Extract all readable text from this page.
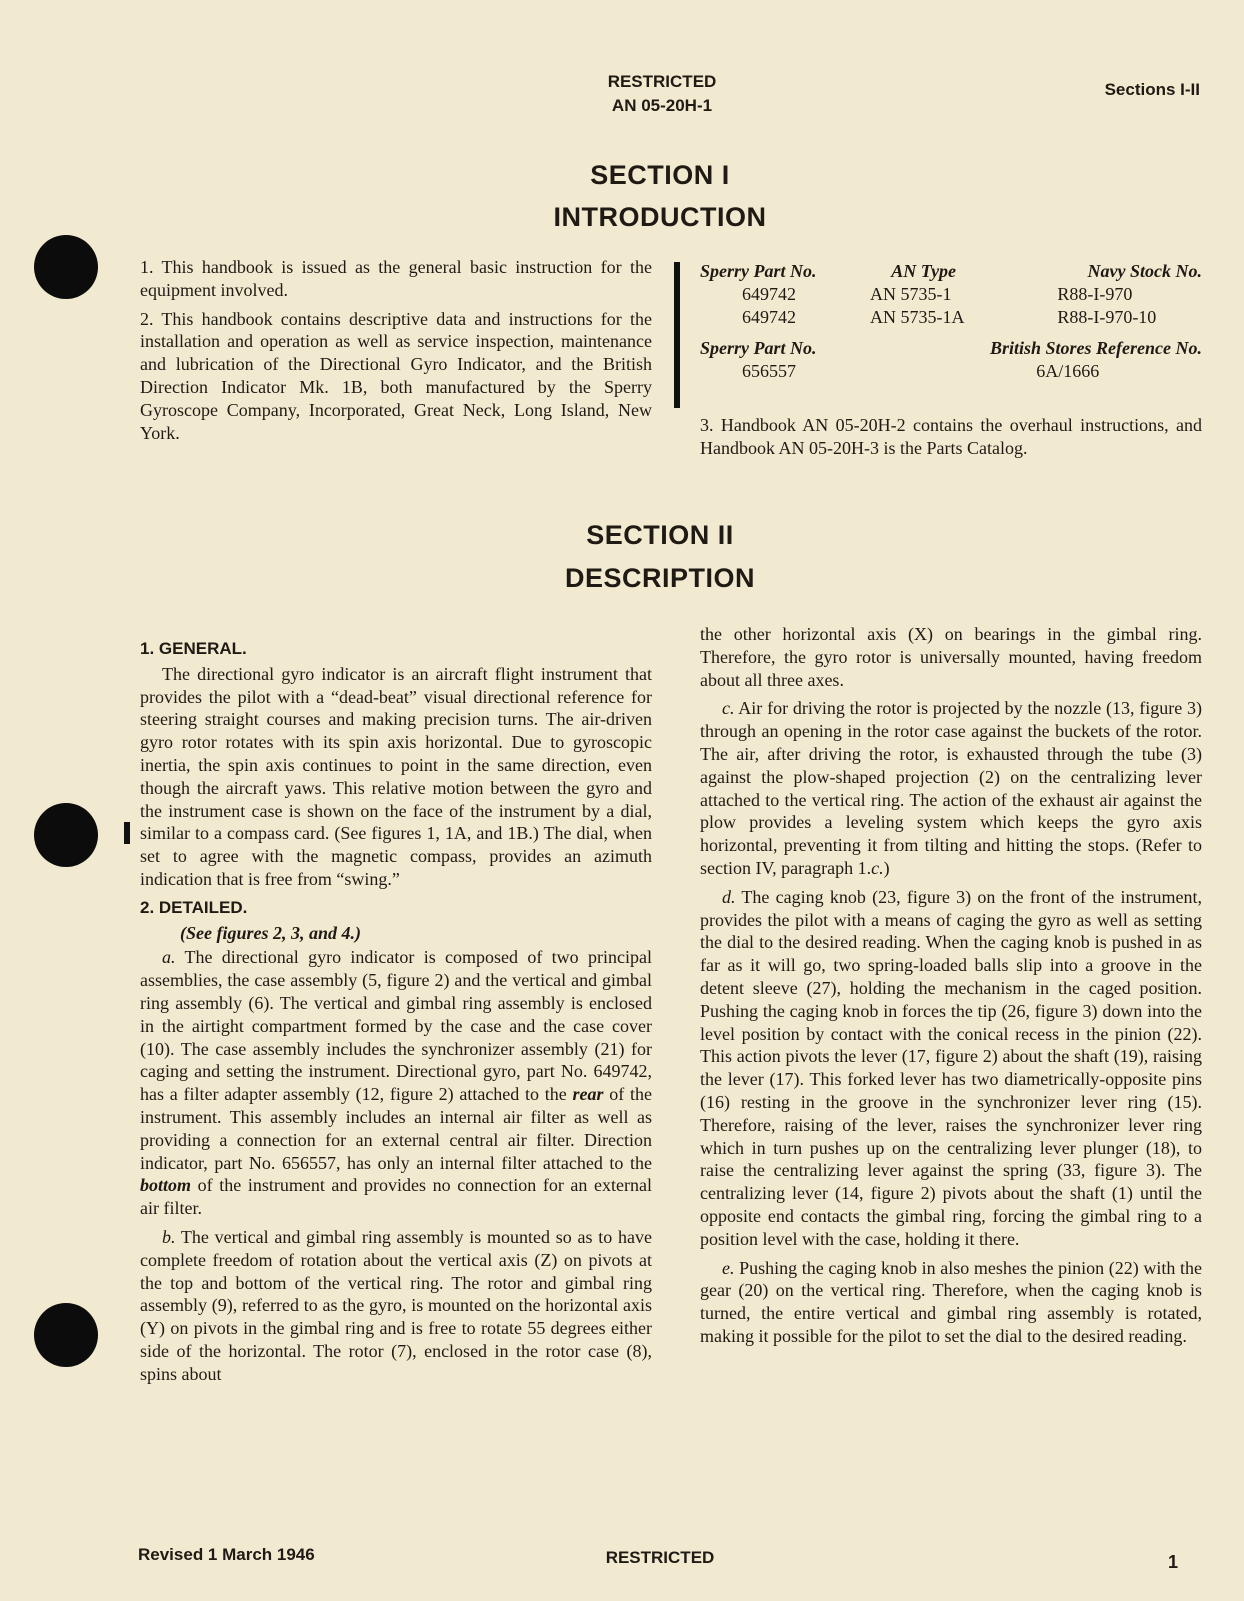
RESTRICTED
AN 05-20H-1
Sections I-II
SECTION I
INTRODUCTION

1. This handbook is issued as the general basic instruction for the equipment involved.

2. This handbook contains descriptive data and instructions for the installation and operation as well as service inspection, maintenance and lubrication of the Directional Gyro Indicator, and the British Direction Indicator Mk. 1B, both manufactured by the Sperry Gyroscope Company, Incorporated, Great Neck, Long Island, New York.

Sperry Part No.	AN Type	Navy Stock No.
649742	AN 5735-1	R88-I-970
649742	AN 5735-1A	R88-I-970-10
Sperry Part No.	British Stores Reference No.
656557	6A/1666

3. Handbook AN 05-20H-2 contains the overhaul instructions, and Handbook AN 05-20H-3 is the Parts Catalog.

SECTION II
DESCRIPTION
1. GENERAL.

The directional gyro indicator is an aircraft flight instrument that provides the pilot with a “dead-beat” visual directional reference for steering straight courses and making precision turns. The air-driven gyro rotor rotates with its spin axis horizontal. Due to gyroscopic inertia, the spin axis continues to point in the same direction, even though the aircraft yaws. This relative motion between the gyro and the instrument case is shown on the face of the instrument by a dial, similar to a compass card. (See figures 1, 1A, and 1B.) The dial, when set to agree with the magnetic compass, provides an azimuth indication that is free from “swing.”

2. DETAILED.

(See figures 2, 3, and 4.)

a. The directional gyro indicator is composed of two principal assemblies, the case assembly (5, figure 2) and the vertical and gimbal ring assembly (6). The vertical and gimbal ring assembly is enclosed in the airtight compartment formed by the case and the case cover (10). The case assembly includes the synchronizer assembly (21) for caging and setting the instrument. Directional gyro, part No. 649742, has a filter adapter assembly (12, figure 2) attached to the rear of the instrument. This assembly includes an internal air filter as well as providing a connection for an external central air filter. Direction indicator, part No. 656557, has only an internal filter attached to the bottom of the instrument and provides no connection for an external air filter.

b. The vertical and gimbal ring assembly is mounted so as to have complete freedom of rotation about the vertical axis (Z) on pivots at the top and bottom of the vertical ring. The rotor and gimbal ring assembly (9), referred to as the gyro, is mounted on the horizontal axis (Y) on pivots in the gimbal ring and is free to rotate 55 degrees either side of the horizontal. The rotor (7), enclosed in the rotor case (8), spins about

the other horizontal axis (X) on bearings in the gimbal ring. Therefore, the gyro rotor is universally mounted, having freedom about all three axes.

c. Air for driving the rotor is projected by the nozzle (13, figure 3) through an opening in the rotor case against the buckets of the rotor. The air, after driving the rotor, is exhausted through the tube (3) against the plow-shaped projection (2) on the centralizing lever attached to the vertical ring. The action of the exhaust air against the plow provides a leveling system which keeps the gyro axis horizontal, preventing it from tilting and hitting the stops. (Refer to section IV, paragraph 1.c.)

d. The caging knob (23, figure 3) on the front of the instrument, provides the pilot with a means of caging the gyro as well as setting the dial to the desired reading. When the caging knob is pushed in as far as it will go, two spring-loaded balls slip into a groove in the detent sleeve (27), holding the mechanism in the caged position. Pushing the caging knob in forces the tip (26, figure 3) down into the level position by contact with the conical recess in the pinion (22). This action pivots the lever (17, figure 2) about the shaft (19), raising the lever (17). This forked lever has two diametrically-opposite pins (16) resting in the groove in the synchronizer lever ring (15). Therefore, raising of the lever, raises the synchronizer lever ring which in turn pushes up on the centralizing lever plunger (18), to raise the centralizing lever against the spring (33, figure 3). The centralizing lever (14, figure 2) pivots about the shaft (1) until the opposite end contacts the gimbal ring, forcing the gimbal ring to a position level with the case, holding it there.

e. Pushing the caging knob in also meshes the pinion (22) with the gear (20) on the vertical ring. Therefore, when the caging knob is turned, the entire vertical and gimbal ring assembly is rotated, making it possible for the pilot to set the dial to the desired reading.

Revised 1 March 1946	RESTRICTED	1
